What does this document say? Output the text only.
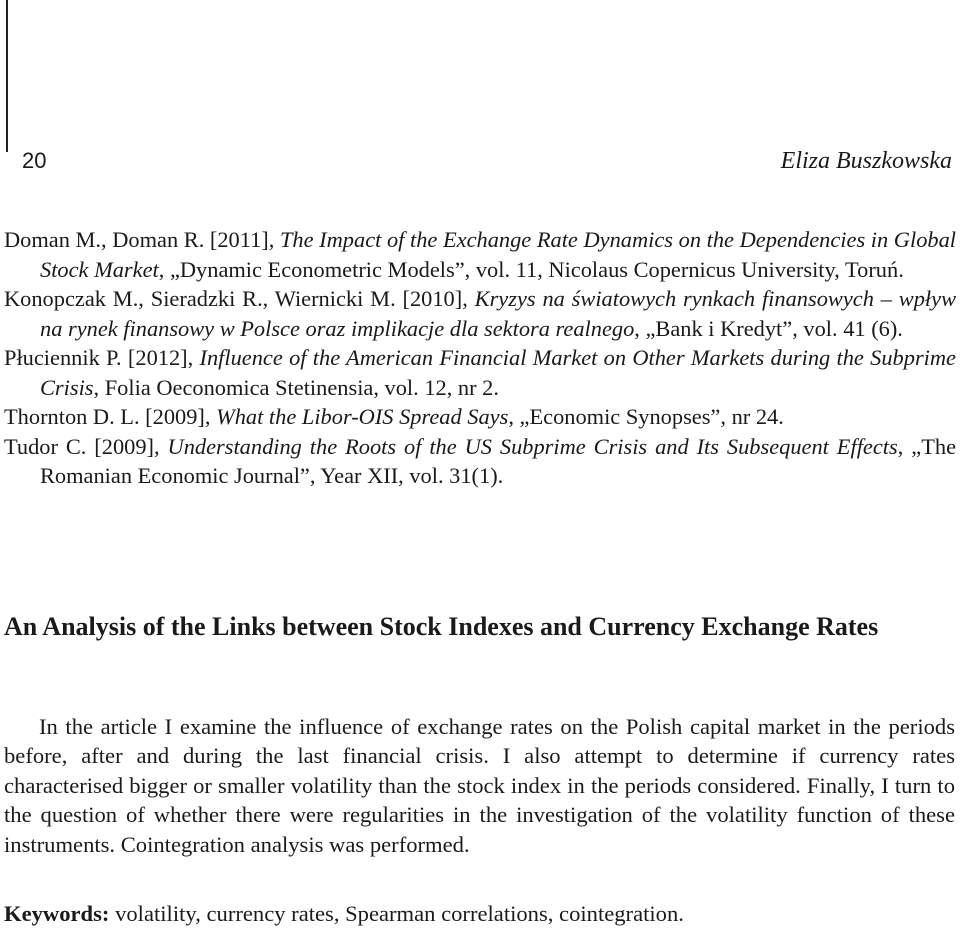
20	Eliza Buszkowska

Doman M., Doman R. [2011], The Impact of the Exchange Rate Dynamics on the Dependencies in Global Stock Market, „Dynamic Econometric Models”, vol. 11, Nicolaus Copernicus University, Toruń.

Konopczak M., Sieradzki R., Wiernicki M. [2010], Kryzys na światowych rynkach finansowych – wpływ na rynek finansowy w Polsce oraz implikacje dla sektora realnego, „Bank i Kredyt”, vol. 41 (6).

Płuciennik P. [2012], Influence of the American Financial Market on Other Markets during the Subprime Crisis, Folia Oeconomica Stetinensia, vol. 12, nr 2.

Thornton D. L. [2009], What the Libor-OIS Spread Says, „Economic Synopses”, nr 24.

Tudor C. [2009], Understanding the Roots of the US Subprime Crisis and Its Subsequent Effects, „The Romanian Economic Journal”, Year XII, vol. 31(1).

An Analysis of the Links between Stock Indexes and Currency Exchange Rates

In the article I examine the influence of exchange rates on the Polish capital market in the periods before, after and during the last financial crisis. I also attempt to determine if currency rates characterised bigger or smaller volatility than the stock index in the periods considered. Finally, I turn to the question of whether there were regularities in the investigation of the volatility function of these instruments. Cointegration analysis was performed.

Keywords: volatility, currency rates, Spearman correlations, cointegration.
